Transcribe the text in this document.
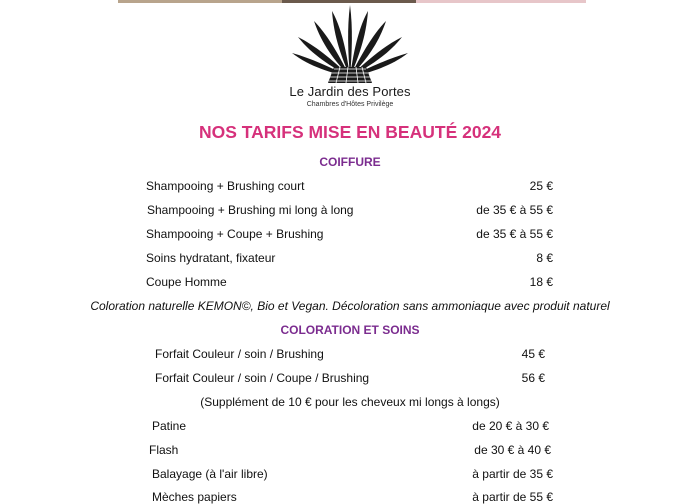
Le Jardin des Portes
Chambres d'Hôtes Privilège
NOS TARIFS MISE EN BEAUTÉ 2024
COIFFURE
Shampooing + Brushing court	25 €
Shampooing + Brushing mi long à long	de 35 € à 55 €
Shampooing + Coupe + Brushing	de 35 € à 55 €
Soins hydratant, fixateur	8 €
Coupe Homme	18 €
Coloration naturelle KEMON©, Bio et Vegan. Décoloration sans ammoniaque avec produit naturel
COLORATION ET SOINS
Forfait Couleur / soin / Brushing	45 €
Forfait Couleur / soin / Coupe / Brushing	56 €
(Supplément de 10 € pour les cheveux mi longs à longs)
Patine	de 20 € à 30 €
Flash	de 30 € à 40 €
Balayage (à l'air libre)	à partir de 35 €
Mèches papiers	à partir de 55 €
